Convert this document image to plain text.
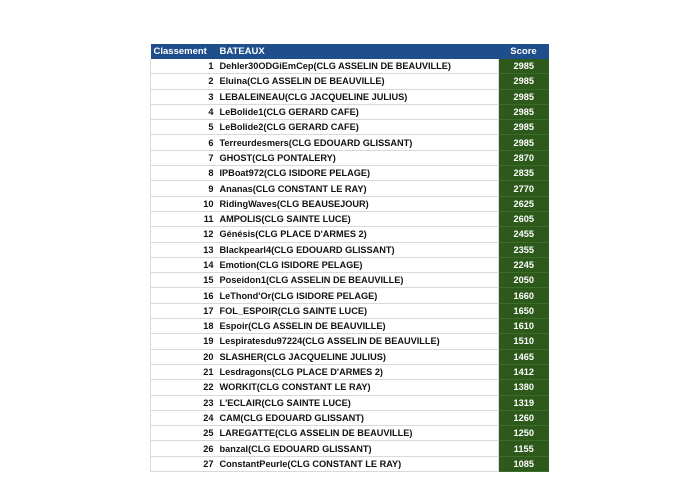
Classement	BATEAUX	Score
1	Dehler30ODGiEmCep(CLG ASSELIN DE BEAUVILLE)	2985
2	Eluina(CLG ASSELIN DE BEAUVILLE)	2985
3	LEBALEINEAU(CLG JACQUELINE JULIUS)	2985
4	LeBolide1(CLG GERARD CAFE)	2985
5	LeBolide2(CLG GERARD CAFE)	2985
6	Terreurdesmers(CLG EDOUARD GLISSANT)	2985
7	GHOST(CLG PONTALERY)	2870
8	IPBoat972(CLG ISIDORE PELAGE)	2835
9	Ananas(CLG CONSTANT LE RAY)	2770
10	RidingWaves(CLG BEAUSEJOUR)	2625
11	AMPOLIS(CLG SAINTE LUCE)	2605
12	Génésis(CLG PLACE D'ARMES 2)	2455
13	Blackpearl4(CLG EDOUARD GLISSANT)	2355
14	Emotion(CLG ISIDORE PELAGE)	2245
15	Poseidon1(CLG ASSELIN DE BEAUVILLE)	2050
16	LeThond'Or(CLG ISIDORE PELAGE)	1660
17	FOL_ESPOIR(CLG SAINTE LUCE)	1650
18	Espoir(CLG ASSELIN DE BEAUVILLE)	1610
19	Lespiratesdu97224(CLG ASSELIN DE BEAUVILLE)	1510
20	SLASHER(CLG JACQUELINE JULIUS)	1465
21	Lesdragons(CLG PLACE D'ARMES 2)	1412
22	WORKIT(CLG CONSTANT LE RAY)	1380
23	L'ECLAIR(CLG SAINTE LUCE)	1319
24	CAM(CLG EDOUARD GLISSANT)	1260
25	LAREGATTE(CLG ASSELIN DE BEAUVILLE)	1250
26	banzal(CLG EDOUARD GLISSANT)	1155
27	ConstantPeurle(CLG CONSTANT LE RAY)	1085
